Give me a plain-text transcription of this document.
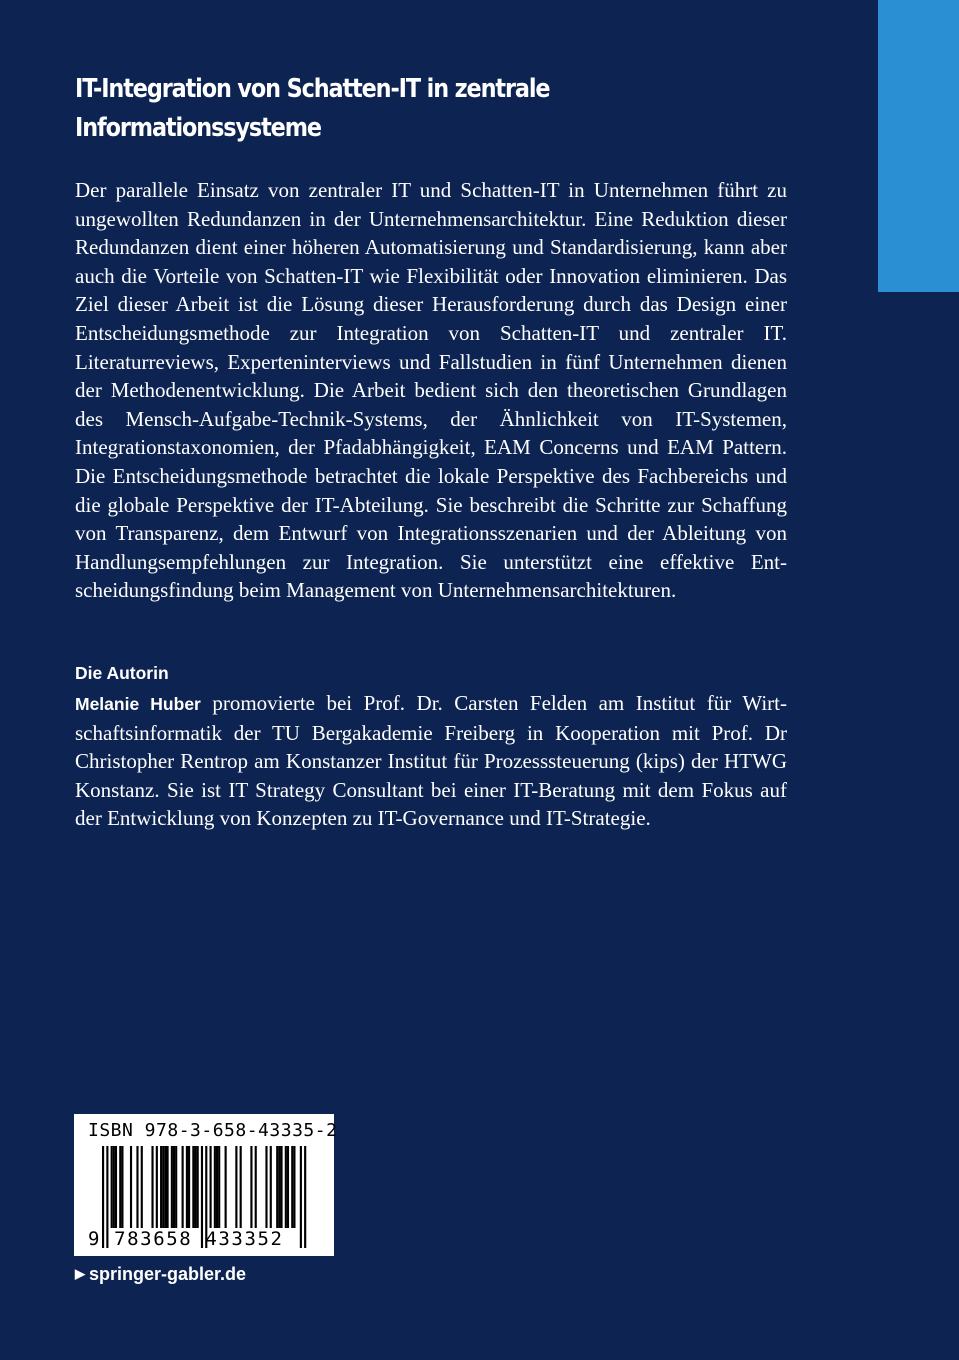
IT-Integration von Schatten-IT in zentrale
Informationssysteme

Der parallele Einsatz von zentraler IT und Schatten-IT in Unternehmen führt zu ungewollten Redundanzen in der Unternehmensarchitektur. Eine Reduktion dieser Redundanzen dient einer höheren Automatisierung und Standardisierung, kann aber auch die Vorteile von Schatten-IT wie Flexibilität oder Innovation eliminieren. Das Ziel dieser Arbeit ist die Lösung dieser Herausforderung durch das Design einer Entscheidungsmethode zur Integration von Schatten-IT und zentraler IT. Literaturreviews, Experteninterviews und Fallstudien in fünf Unternehmen dienen der Methodenentwicklung. Die Arbeit bedient sich den theoretischen Grundlagen des Mensch-Aufgabe-Technik-Systems, der Ähnlichkeit von IT-Systemen, Integrationstaxonomien, der Pfadabhängigkeit, EAM Concerns und EAM Pattern. Die Entscheidungsmethode betrachtet die lokale Perspektive des Fachbereichs und die globale Perspektive der IT-Abteilung. Sie beschreibt die Schritte zur Schaffung von Transparenz, dem Entwurf von Integrationsszenarien und der Ableitung von Handlungsempfehlungen zur Integration. Sie unterstützt eine effektive Entscheidungsfindung beim Management von Unternehmensarchitekturen.

Die Autorin

Melanie Huber promovierte bei Prof. Dr. Carsten Felden am Institut für Wirtschaftsinformatik der TU Bergakademie Freiberg in Kooperation mit Prof. Dr Christopher Rentrop am Konstanzer Institut für Prozesssteuerung (kips) der HTWG Konstanz. Sie ist IT Strategy Consultant bei einer IT-Beratung mit dem Fokus auf der Entwicklung von Konzepten zu IT-Governance und IT-Strategie.

ISBN 978-3-658-43335-2
9 783658 433352
▶ springer-gabler.de
